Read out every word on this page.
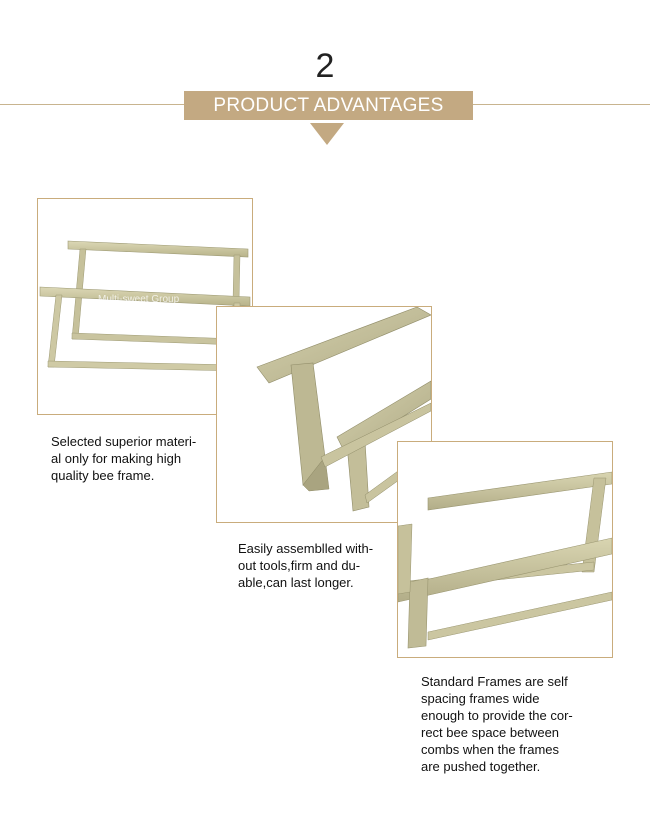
2
PRODUCT ADVANTAGES
Multi-sweet Group
Selected superior materi-
al only for making high
quality bee frame.
Multi-sweet Group
Easily assemblled with-
out tools,firm and du-
able,can last longer.
Multi-sweet Group
Standard Frames are self
spacing frames wide
enough to provide the cor-
rect bee space between
combs when the frames
are pushed together.
